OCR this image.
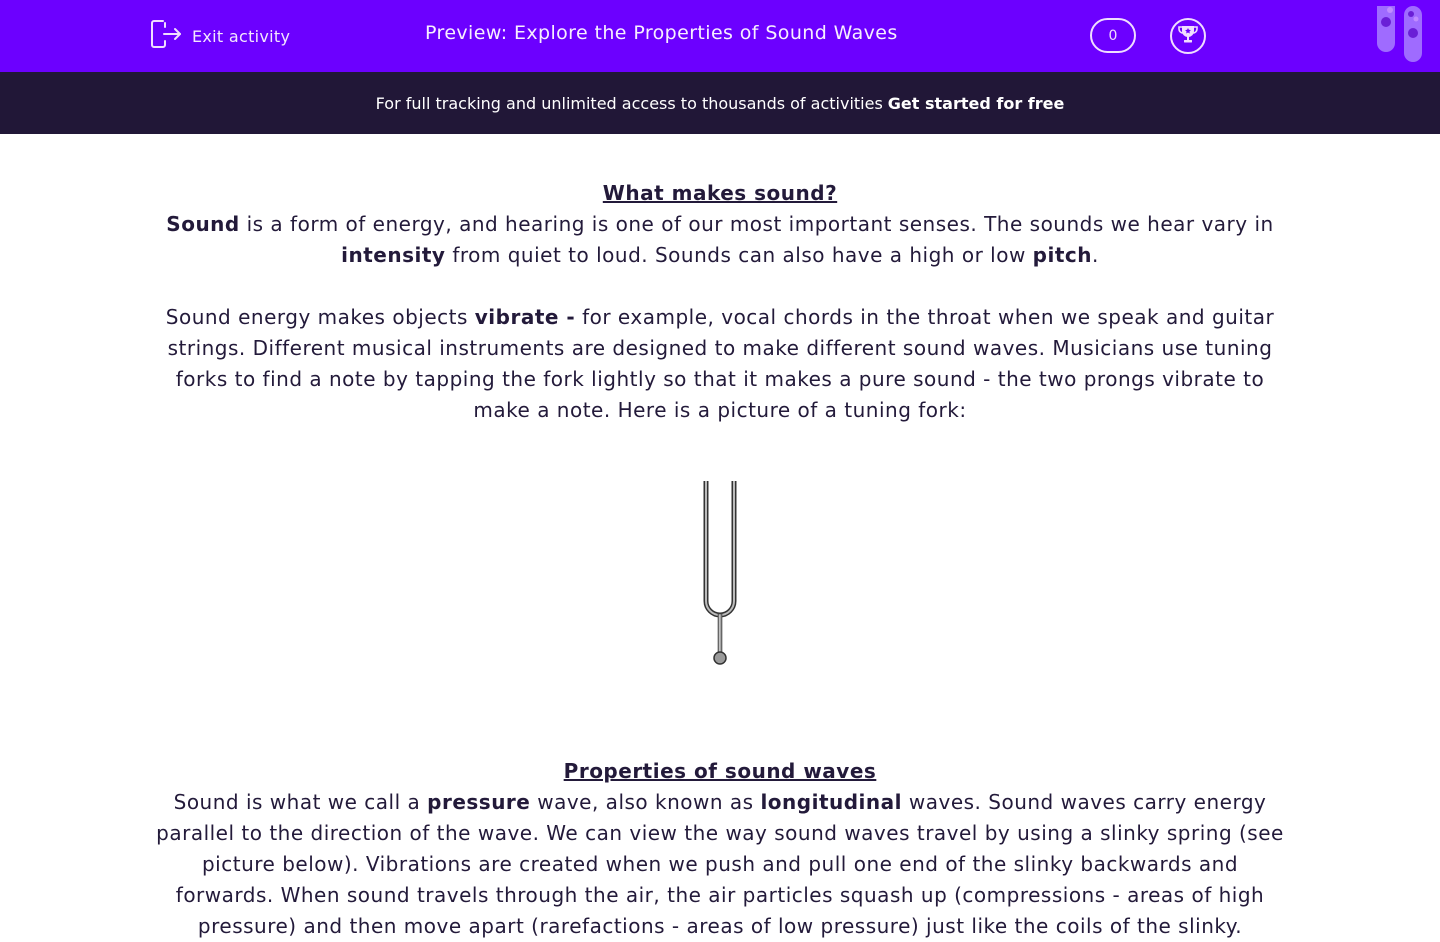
Exit activity	Preview: Explore the Properties of Sound Waves	0
For full tracking and unlimited access to thousands of activities Get started for free
What makes sound?

Sound is a form of energy, and hearing is one of our most important senses. The sounds we hear vary in intensity from quiet to loud. Sounds can also have a high or low pitch.

Sound energy makes objects vibrate - for example, vocal chords in the throat when we speak and guitar strings. Different musical instruments are designed to make different sound waves. Musicians use tuning forks to find a note by tapping the fork lightly so that it makes a pure sound - the two prongs vibrate to make a note. Here is a picture of a tuning fork:

Properties of sound waves

Sound is what we call a pressure wave, also known as longitudinal waves. Sound waves carry energy parallel to the direction of the wave. We can view the way sound waves travel by using a slinky spring (see picture below). Vibrations are created when we push and pull one end of the slinky backwards and forwards. When sound travels through the air, the air particles squash up (compressions - areas of high pressure) and then move apart (rarefactions - areas of low pressure) just like the coils of the slinky.
